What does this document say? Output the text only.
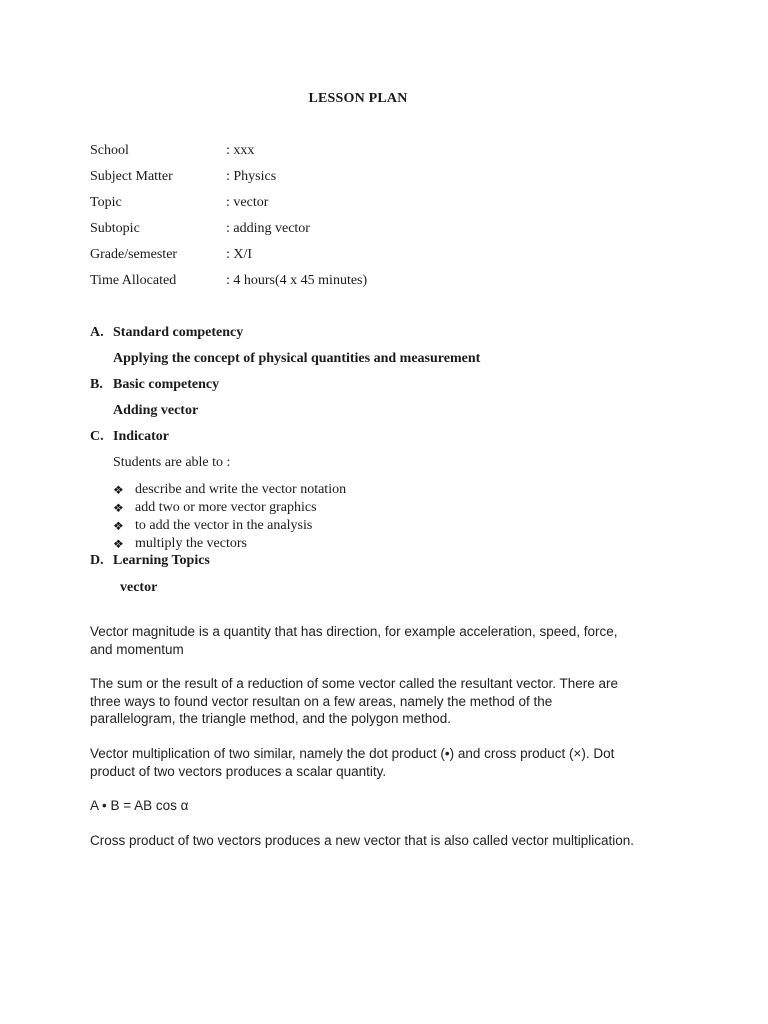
LESSON PLAN
School	: xxx
Subject Matter	: Physics
Topic	: vector
Subtopic	: adding vector
Grade/semester	: X/I
Time Allocated	: 4 hours(4 x 45 minutes)
A. Standard competency
Applying the concept of physical quantities and measurement
B. Basic competency
Adding vector
C. Indicator
Students are able to :
❖ describe and write the vector notation
❖ add two or more vector graphics
❖ to add the vector in the analysis
❖ multiply the vectors
D. Learning Topics
vector
Vector magnitude is a quantity that has direction, for example acceleration, speed, force, and momentum
The sum or the result of a reduction of some vector called the resultant vector. There are three ways to found vector resultan on a few areas, namely the method of the parallelogram, the triangle method, and the polygon method.
Vector multiplication of two similar, namely the dot product (•) and cross product (×). Dot product of two vectors produces a scalar quantity.
A • B = AB cos α
Cross product of two vectors produces a new vector that is also called vector multiplication.
